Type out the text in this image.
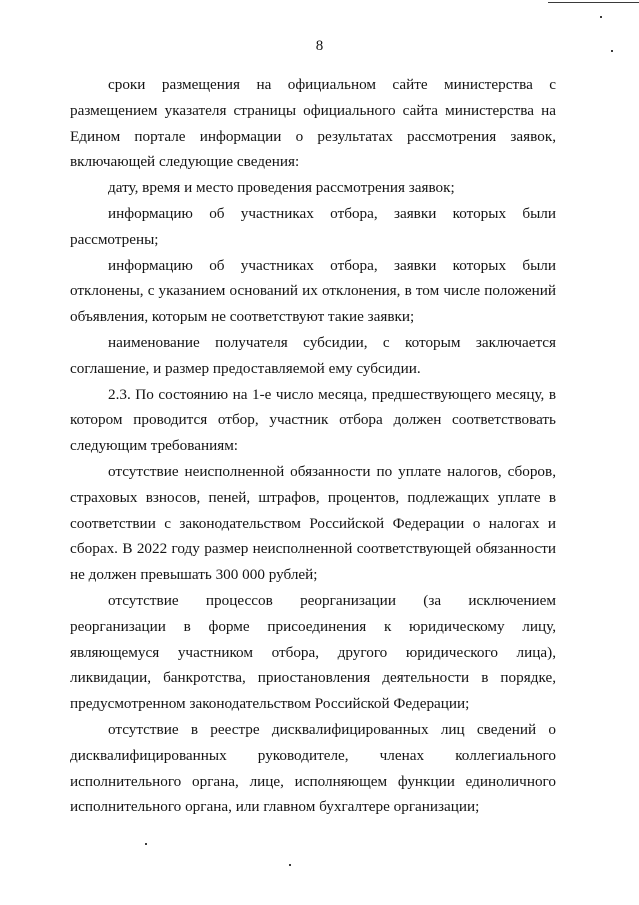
8

сроки размещения на официальном сайте министерства с размещением указателя страницы официального сайта министерства на Едином портале информации о результатах рассмотрения заявок, включающей следующие сведения:

дату, время и место проведения рассмотрения заявок;

информацию об участниках отбора, заявки которых были рассмотрены;

информацию об участниках отбора, заявки которых были отклонены, с указанием оснований их отклонения, в том числе положений объявления, которым не соответствуют такие заявки;

наименование получателя субсидии, с которым заключается соглашение, и размер предоставляемой ему субсидии.

2.3. По состоянию на 1-е число месяца, предшествующего месяцу, в котором проводится отбор, участник отбора должен соответствовать следующим требованиям:

отсутствие неисполненной обязанности по уплате налогов, сборов, страховых взносов, пеней, штрафов, процентов, подлежащих уплате в соответствии с законодательством Российской Федерации о налогах и сборах. В 2022 году размер неисполненной соответствующей обязанности не должен превышать 300 000 рублей;

отсутствие процессов реорганизации (за исключением реорганизации в форме присоединения к юридическому лицу, являющемуся участником отбора, другого юридического лица), ликвидации, банкротства, приостановления деятельности в порядке, предусмотренном законодательством Российской Федерации;

отсутствие в реестре дисквалифицированных лиц сведений о дисквалифицированных руководителе, членах коллегиального исполнительного органа, лице, исполняющем функции единоличного исполнительного органа, или главном бухгалтере организации;
